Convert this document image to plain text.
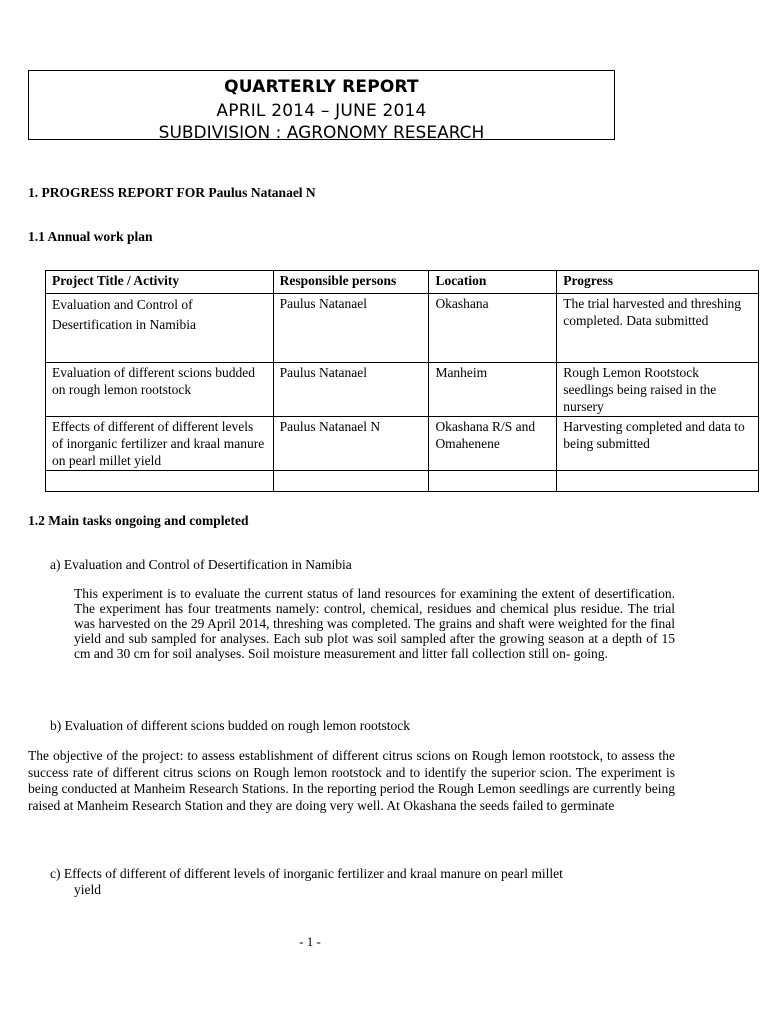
QUARTERLY REPORT
APRIL 2014 – JUNE 2014
SUBDIVISION : AGRONOMY RESEARCH
1. PROGRESS REPORT FOR Paulus Natanael N
1.1 Annual work plan
Project Title / Activity	Responsible persons	Location	Progress
Evaluation and Control of Desertification in Namibia	Paulus Natanael	Okashana	The trial harvested and threshing completed. Data submitted
Evaluation of different scions budded on rough lemon rootstock	Paulus Natanael	Manheim	Rough Lemon Rootstock seedlings being raised in the nursery
Effects of different of different levels of inorganic fertilizer and kraal manure on pearl millet yield	Paulus Natanael N	Okashana R/S and Omahenene	Harvesting completed and data to being submitted

1.2 Main tasks ongoing and completed
a) Evaluation and Control of Desertification in Namibia
This experiment is to evaluate the current status of land resources for examining the extent of desertification. The experiment has four treatments namely: control, chemical, residues and chemical plus residue. The trial was harvested on the 29 April 2014, threshing was completed. The grains and shaft were weighted for the final yield and sub sampled for analyses. Each sub plot was soil sampled after the growing season at a depth of 15 cm and 30 cm for soil analyses. Soil moisture measurement and litter fall collection still on- going.
b) Evaluation of different scions budded on rough lemon rootstock
The objective of the project: to assess establishment of different citrus scions on Rough lemon rootstock, to assess the success rate of different citrus scions on Rough lemon rootstock and to identify the superior scion. The experiment is being conducted at Manheim Research Stations. In the reporting period the Rough Lemon seedlings are currently being raised at Manheim Research Station and they are doing very well. At Okashana the seeds failed to germinate
c) Effects of different of different levels of inorganic fertilizer and kraal manure on pearl millet
yield
- 1 -
